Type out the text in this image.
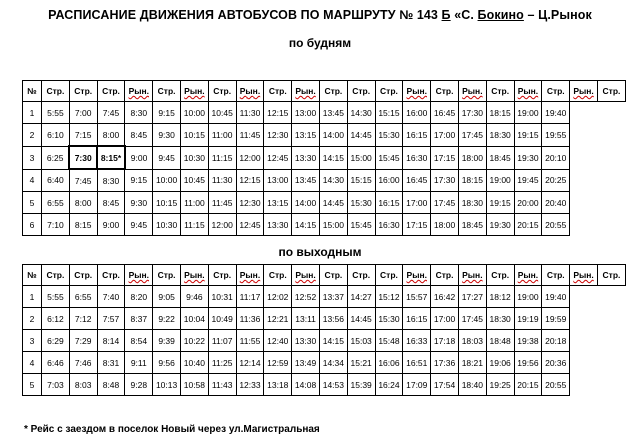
РАСПИСАНИЕ ДВИЖЕНИЯ АВТОБУСОВ ПО МАРШРУТУ № 143 Б «С. Бокино – Ц.Рынок
по будням
№	Стр.	Стр.	Стр.	Рын.	Стр.	Рын.	Стр.	Рын.	Стр.	Рын.	Стр.	Стр.	Стр.	Рын.	Стр.	Рын.	Стр.	Рын.	Стр.	Рын.	Стр.
1	5:55	7:00	7:45	8:30	9:15	10:00	10:45	11:30	12:15	13:00	13:45	14:30	15:15	16:00	16:45	17:30	18:15	19:00	19:40		
2	6:10	7:15	8:00	8:45	9:30	10:15	11:00	11:45	12:30	13:15	14:00	14:45	15:30	16:15	17:00	17:45	18:30	19:15	19:55		
3	6:25	7:30	8:15*	9:00	9:45	10:30	11:15	12:00	12:45	13:30	14:15	15:00	15:45	16:30	17:15	18:00	18:45	19:30	20:10		
4	6:40	7:45	8:30	9:15	10:00	10:45	11:30	12:15	13:00	13:45	14:30	15:15	16:00	16:45	17:30	18:15	19:00	19:45	20:25		
5	6:55	8:00	8:45	9:30	10:15	11:00	11:45	12:30	13:15	14:00	14:45	15:30	16:15	17:00	17:45	18:30	19:15	20:00	20:40		
6	7:10	8:15	9:00	9:45	10:30	11:15	12:00	12:45	13:30	14:15	15:00	15:45	16:30	17:15	18:00	18:45	19:30	20:15	20:55		
по выходным
№	Стр.	Стр.	Стр.	Рын.	Стр.	Рын.	Стр.	Рын.	Стр.	Рын.	Стр.	Стр.	Стр.	Рын.	Стр.	Рын.	Стр.	Рын.	Стр.	Рын.	Стр.
1	5:55	6:55	7:40	8:20	9:05	9:46	10:31	11:17	12:02	12:52	13:37	14:27	15:12	15:57	16:42	17:27	18:12	19:00	19:40		
2	6:12	7:12	7:57	8:37	9:22	10:04	10:49	11:36	12:21	13:11	13:56	14:45	15:30	16:15	17:00	17:45	18:30	19:19	19:59		
3	6:29	7:29	8:14	8:54	9:39	10:22	11:07	11:55	12:40	13:30	14:15	15:03	15:48	16:33	17:18	18:03	18:48	19:38	20:18		
4	6:46	7:46	8:31	9:11	9:56	10:40	11:25	12:14	12:59	13:49	14:34	15:21	16:06	16:51	17:36	18:21	19:06	19:56	20:36		
5	7:03	8:03	8:48	9:28	10:13	10:58	11:43	12:33	13:18	14:08	14:53	15:39	16:24	17:09	17:54	18:40	19:25	20:15	20:55		
* Рейс с заездом в поселок Новый через ул.Магистральная
